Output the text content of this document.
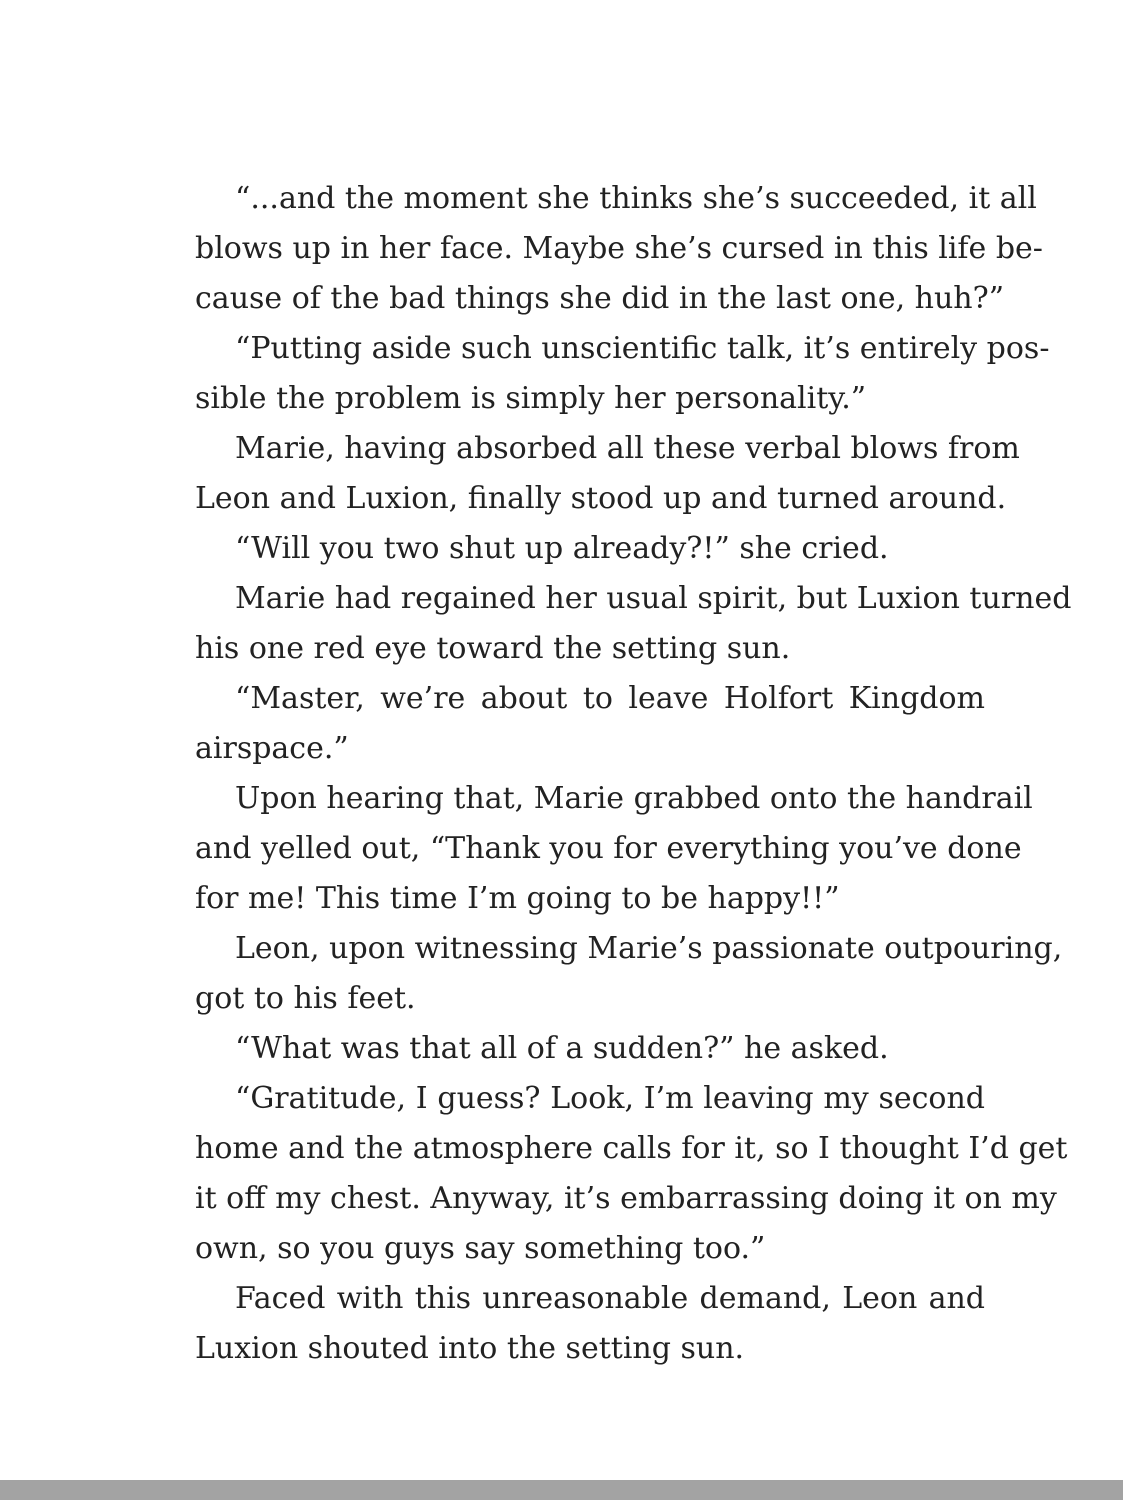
“...and the moment she thinks she’s succeeded, it all
blows up in her face. Maybe she’s cursed in this life be-
cause of the bad things she did in the last one, huh?”
“Putting aside such unscientific talk, it’s entirely pos-
sible the problem is simply her personality.”
Marie, having absorbed all these verbal blows from
Leon and Luxion, finally stood up and turned around.
“Will you two shut up already?!” she cried.
Marie had regained her usual spirit, but Luxion turned
his one red eye toward the setting sun.
“Master, we’re about to leave Holfort Kingdom
airspace.”
Upon hearing that, Marie grabbed onto the handrail
and yelled out, “Thank you for everything you’ve done
for me! This time I’m going to be happy!!”
Leon, upon witnessing Marie’s passionate outpouring,
got to his feet.
“What was that all of a sudden?” he asked.
“Gratitude, I guess? Look, I’m leaving my second
home and the atmosphere calls for it, so I thought I’d get
it off my chest. Anyway, it’s embarrassing doing it on my
own, so you guys say something too.”
Faced with this unreasonable demand, Leon and
Luxion shouted into the setting sun.
